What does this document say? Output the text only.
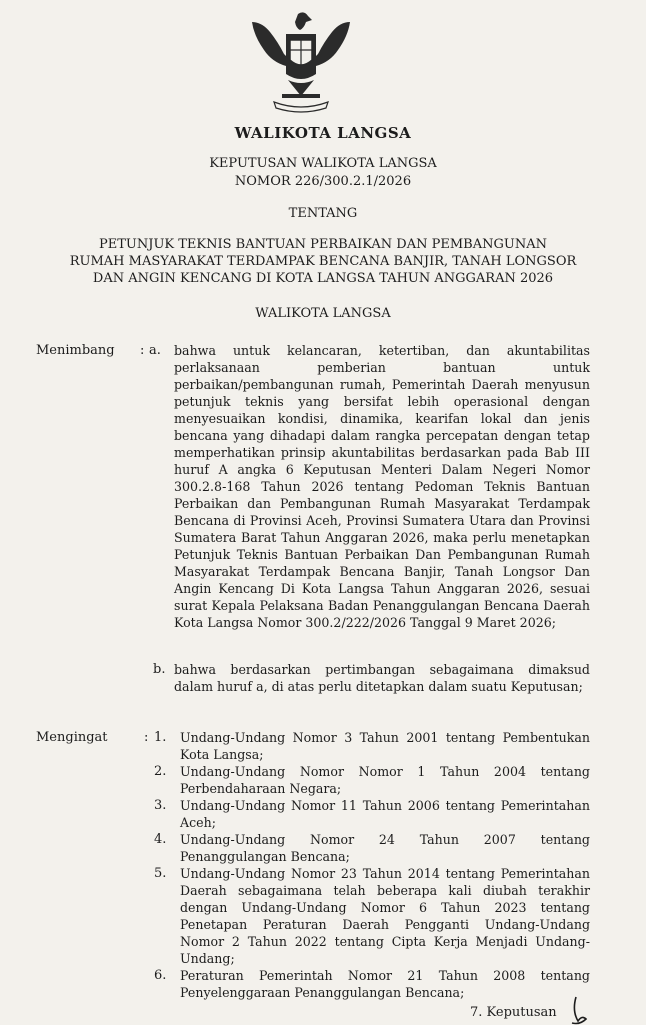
WALIKOTA LANGSA
KEPUTUSAN WALIKOTA LANGSA
NOMOR 226/300.2.1/2026
TENTANG
PETUNJUK TEKNIS BANTUAN PERBAIKAN DAN PEMBANGUNAN
RUMAH MASYARAKAT TERDAMPAK BENCANA BANJIR, TANAH LONGSOR
DAN ANGIN KENCANG DI KOTA LANGSA TAHUN ANGGARAN 2026
WALIKOTA LANGSA
Menimbang : a. bahwa untuk kelancaran, ketertiban, dan akuntabilitas perlaksanaan pemberian bantuan untuk perbaikan/pembangunan rumah, Pemerintah Daerah menyusun petunjuk teknis yang bersifat lebih operasional dengan menyesuaikan kondisi, dinamika, kearifan lokal dan jenis bencana yang dihadapi dalam rangka percepatan dengan tetap memperhatikan prinsip akuntabilitas berdasarkan pada Bab III huruf A angka 6 Keputusan Menteri Dalam Negeri Nomor 300.2.8-168 Tahun 2026 tentang Pedoman Teknis Bantuan Perbaikan dan Pembangunan Rumah Masyarakat Terdampak Bencana di Provinsi Aceh, Provinsi Sumatera Utara dan Provinsi Sumatera Barat Tahun Anggaran 2026, maka perlu menetapkan Petunjuk Teknis Bantuan Perbaikan Dan Pembangunan Rumah Masyarakat Terdampak Bencana Banjir, Tanah Longsor Dan Angin Kencang Di Kota Langsa Tahun Anggaran 2026, sesuai surat Kepala Pelaksana Badan Penanggulangan Bencana Daerah Kota Langsa Nomor 300.2/222/2026 Tanggal 9 Maret 2026;
b. bahwa berdasarkan pertimbangan sebagaimana dimaksud dalam huruf a, di atas perlu ditetapkan dalam suatu Keputusan;
Mengingat	: 1. Undang-Undang Nomor 3 Tahun 2001 tentang Pembentukan Kota Langsa;
2. Undang-Undang Nomor Nomor 1 Tahun 2004 tentang Perbendaharaan Negara;
3. Undang-Undang Nomor 11 Tahun 2006 tentang Pemerintahan Aceh;
4. Undang-Undang Nomor 24 Tahun 2007 tentang Penanggulangan Bencana;
5. Undang-Undang Nomor 23 Tahun 2014 tentang Pemerintahan Daerah sebagaimana telah beberapa kali diubah terakhir dengan Undang-Undang Nomor 6 Tahun 2023 tentang Penetapan Peraturan Daerah Pengganti Undang-Undang Nomor 2 Tahun 2022 tentang Cipta Kerja Menjadi Undang-Undang;
6. Peraturan Pemerintah Nomor 21 Tahun 2008 tentang Penyelenggaraan Penanggulangan Bencana;
7. Keputusan
